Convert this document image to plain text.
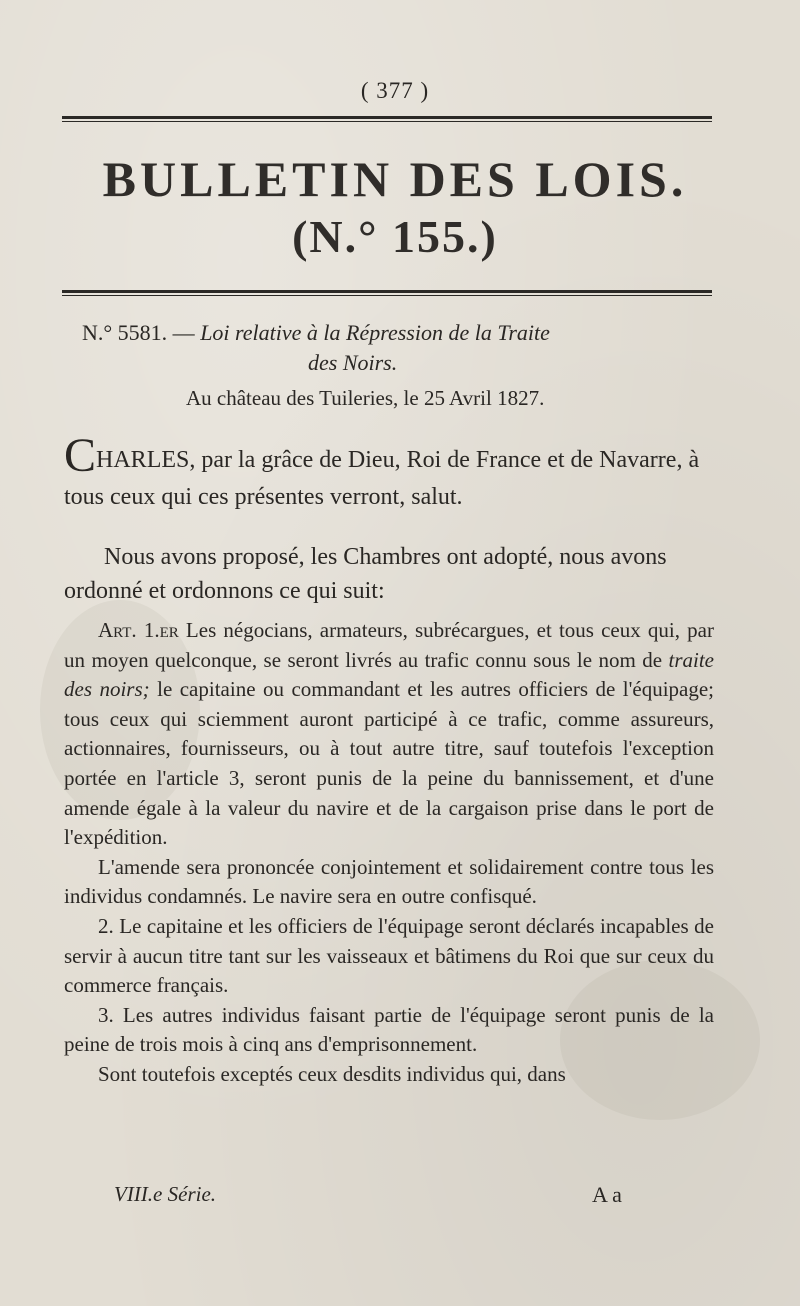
( 377 )
BULLETIN DES LOIS.
(N.° 155.)
N.° 5581. — Loi relative à la Répression de la Traite
des Noirs.
Au château des Tuileries, le 25 Avril 1827.
CHARLES, par la grâce de Dieu, Roi de France et de Navarre, à tous ceux qui ces présentes verront, salut.
Nous avons proposé, les Chambres ont adopté, nous avons ordonné et ordonnons ce qui suit:

Art. 1.er Les négocians, armateurs, subrécargues, et tous ceux qui, par un moyen quelconque, se seront livrés au trafic connu sous le nom de traite des noirs; le capitaine ou commandant et les autres officiers de l'équipage; tous ceux qui sciemment auront participé à ce trafic, comme assureurs, actionnaires, fournisseurs, ou à tout autre titre, sauf toutefois l'exception portée en l'article 3, seront punis de la peine du bannissement, et d'une amende égale à la valeur du navire et de la cargaison prise dans le port de l'expédition.

L'amende sera prononcée conjointement et solidairement contre tous les individus condamnés. Le navire sera en outre confisqué.

2. Le capitaine et les officiers de l'équipage seront déclarés incapables de servir à aucun titre tant sur les vaisseaux et bâtimens du Roi que sur ceux du commerce français.

3. Les autres individus faisant partie de l'équipage seront punis de la peine de trois mois à cinq ans d'emprisonnement.

Sont toutefois exceptés ceux desdits individus qui, dans

VIII.e Série.	A a
